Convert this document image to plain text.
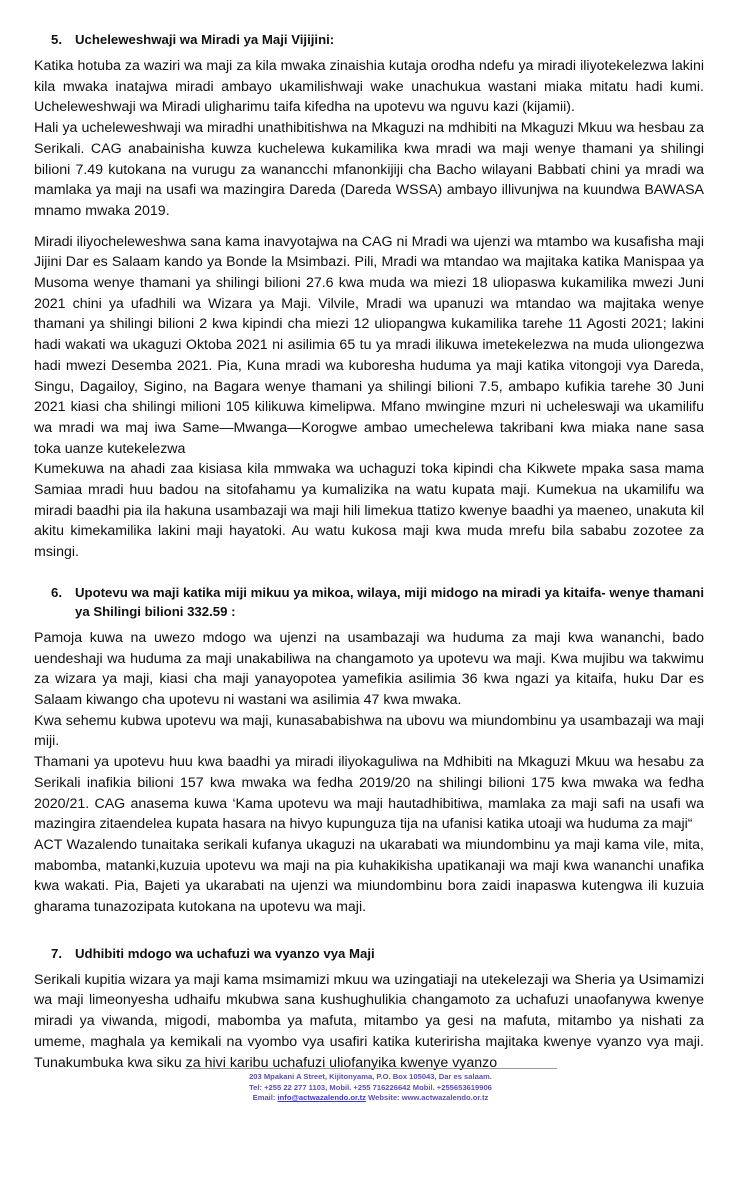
5. Ucheleweshwaji wa Miradi ya Maji Vijijini:

Katika hotuba za waziri wa maji za kila mwaka zinaishia kutaja orodha ndefu ya miradi iliyotekelezwa lakini kila mwaka inatajwa miradi ambayo ukamilishwaji wake unachukua wastani miaka mitatu hadi kumi. Ucheleweshwaji wa Miradi uligharimu taifa kifedha na upotevu wa nguvu kazi (kijamii).

Hali ya ucheleweshwaji wa miradhi unathibitishwa na Mkaguzi na mdhibiti na Mkaguzi Mkuu wa hesbau za Serikali. CAG anabainisha kuwza kuchelewa kukamilika kwa mradi wa maji wenye thamani ya shilingi bilioni 7.49 kutokana na vurugu za wanancchi mfanonkijiji cha Bacho wilayani Babbati chini ya mradi wa mamlaka ya maji na usafi wa mazingira Dareda (Dareda WSSA) ambayo illivunjwa na kuundwa BAWASA mnamo mwaka 2019.

Miradi iliyocheleweshwa sana kama inavyotajwa na CAG ni Mradi wa ujenzi wa mtambo wa kusafisha maji Jijini Dar es Salaam kando ya Bonde la Msimbazi. Pili, Mradi wa mtandao wa majitaka katika Manispaa ya Musoma wenye thamani ya shilingi bilioni 27.6 kwa muda wa miezi 18 uliopaswa kukamilika mwezi Juni 2021 chini ya ufadhili wa Wizara ya Maji. Vilvile, Mradi wa upanuzi wa mtandao wa majitaka wenye thamani ya shilingi bilioni 2 kwa kipindi cha miezi 12 uliopangwa kukamilika tarehe 11 Agosti 2021; lakini hadi wakati wa ukaguzi Oktoba 2021 ni asilimia 65 tu ya mradi ilikuwa imetekelezwa na muda uliongezwa hadi mwezi Desemba 2021. Pia, Kuna mradi wa kuboresha huduma ya maji katika vitongoji vya Dareda, Singu, Dagailoy, Sigino, na Bagara wenye thamani ya shilingi bilioni 7.5, ambapo kufikia tarehe 30 Juni 2021 kiasi cha shilingi milioni 105 kilikuwa kimelipwa. Mfano mwingine mzuri ni ucheleswaji wa ukamilifu wa mradi wa maj iwa Same—Mwanga—Korogwe ambao umechelewa takribani kwa miaka nane sasa toka uanze kutekelezwa

Kumekuwa na ahadi zaa kisiasa kila mmwaka wa uchaguzi toka kipindi cha Kikwete mpaka sasa mama Samiaa mradi huu badou na sitofahamu ya kumalizika na watu kupata maji. Kumekua na ukamilifu wa miradi baadhi pia ila hakuna usambazaji wa maji hili limekua ttatizo kwenye baadhi ya maeneo, unakuta kil akitu kimekamilika lakini maji hayatoki. Au watu kukosa maji kwa muda mrefu bila sababu zozotee za msingi.

6. Upotevu wa maji katika miji mikuu ya mikoa, wilaya, miji midogo na miradi ya kitaifa- wenye thamani ya Shilingi bilioni 332.59 :

Pamoja kuwa na uwezo mdogo wa ujenzi na usambazaji wa huduma za maji kwa wananchi, bado uendeshaji wa huduma za maji unakabiliwa na changamoto ya upotevu wa maji. Kwa mujibu wa takwimu za wizara ya maji, kiasi cha maji yanayopotea yamefikia asilimia 36 kwa ngazi ya kitaifa, huku Dar es Salaam kiwango cha upotevu ni wastani wa asilimia 47 kwa mwaka.

Kwa sehemu kubwa upotevu wa maji, kunasababishwa na ubovu wa miundombinu ya usambazaji wa maji miji.

Thamani ya upotevu huu kwa baadhi ya miradi iliyokaguliwa na Mdhibiti na Mkaguzi Mkuu wa hesabu za Serikali inafikia bilioni 157 kwa mwaka wa fedha 2019/20 na shilingi bilioni 175 kwa mwaka wa fedha 2020/21. CAG anasema kuwa ‘Kama upotevu wa maji hautadhibitiwa, mamlaka za maji safi na usafi wa mazingira zitaendelea kupata hasara na hivyo kupunguza tija na ufanisi katika utoaji wa huduma za maji“

ACT Wazalendo tunaitaka serikali kufanya ukaguzi na ukarabati wa miundombinu ya maji kama vile, mita, mabomba, matanki,kuzuia upotevu wa maji na pia kuhakikisha upatikanaji wa maji kwa wananchi unafika kwa wakati. Pia, Bajeti ya ukarabati na ujenzi wa miundombinu bora zaidi inapaswa kutengwa ili kuzuia gharama tunazozipata kutokana na upotevu wa maji.

7. Udhibiti mdogo wa uchafuzi wa vyanzo vya Maji

Serikali kupitia wizara ya maji kama msimamizi mkuu wa uzingatiaji na utekelezaji wa Sheria ya Usimamizi wa maji limeonyesha udhaifu mkubwa sana kushughulikia changamoto za uchafuzi unaofanywa kwenye miradi ya viwanda, migodi, mabomba ya mafuta, mitambo ya gesi na mafuta, mitambo ya nishati za umeme, maghala ya kemikali na vyombo vya usafiri katika kuteririsha majitaka kwenye vyanzo vya maji. Tunakumbuka kwa siku za hivi karibu uchafuzi uliofanyika kwenye vyanzo

203 Mpakani A Street, Kijitonyama, P.O. Box 105043, Dar es salaam.
Tel: +255 22 277 1103, Mobil. +255 716226642 Mobil. +255653619906
Email: info@actwazalendo.or.tz Website: www.actwazalendo.or.tz
